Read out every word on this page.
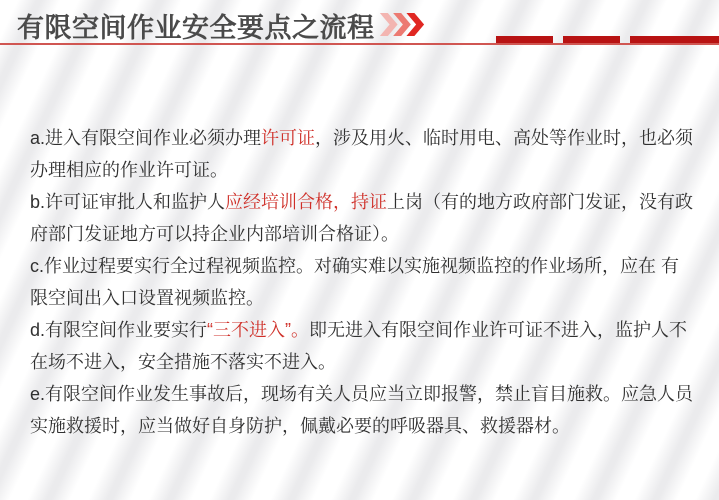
有限空间作业安全要点之流程

a.进入有限空间作业必须办理许可证，涉及用火、临时用电、高处等作业时，也必须办理相应的作业许可证。

b.许可证审批人和监护人应经培训合格，持证上岗（有的地方政府部门发证，没有政府部门发证地方可以持企业内部培训合格证）。

c.作业过程要实行全过程视频监控。对确实难以实施视频监控的作业场所，应在 有 限空间出入口设置视频监控。

d.有限空间作业要实行“三不进入”。即无进入有限空间作业许可证不进入，监护人不在场不进入，安全措施不落实不进入。

e.有限空间作业发生事故后，现场有关人员应当立即报警，禁止盲目施救。应急人员实施救援时，应当做好自身防护，佩戴必要的呼吸器具、救援器材。
